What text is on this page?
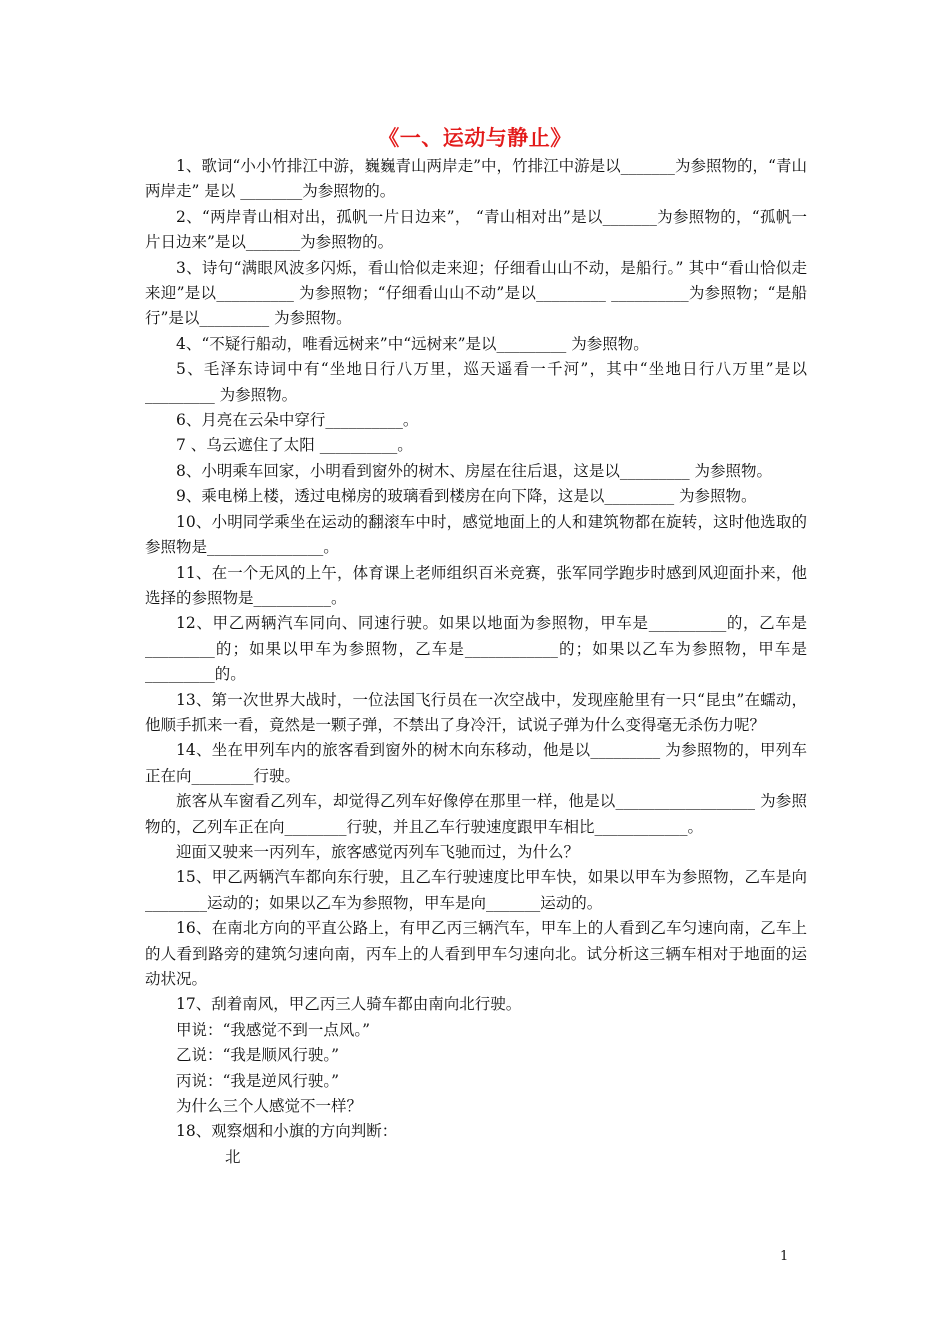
《一、运动与静止》

1、歌词“小小竹排江中游，巍巍青山两岸走”中，竹排江中游是以_______为参照物的，“青山两岸走” 是以 ________为参照物的。

2、“两岸青山相对出，孤帆一片日边来”， “青山相对出”是以_______为参照物的，“孤帆一片日边来”是以_______为参照物的。

3、诗句“满眼风波多闪烁，看山恰似走来迎；仔细看山山不动，是船行。” 其中“看山恰似走来迎”是以__________ 为参照物；“仔细看山山不动”是以_________ __________为参照物；“是船行”是以_________ 为参照物。

4、“不疑行船动，唯看远树来”中“远树来”是以_________ 为参照物。

5、毛泽东诗词中有“坐地日行八万里，巡天遥看一千河”，其中“坐地日行八万里”是以_________ 为参照物。

6、月亮在云朵中穿行__________。

7 、乌云遮住了太阳 __________。

8、小明乘车回家，小明看到窗外的树木、房屋在往后退，这是以_________ 为参照物。

9、乘电梯上楼，透过电梯房的玻璃看到楼房在向下降，这是以_________ 为参照物。

10、小明同学乘坐在运动的翻滚车中时，感觉地面上的人和建筑物都在旋转，这时他选取的参照物是_______________。

11、在一个无风的上午，体育课上老师组织百米竞赛，张军同学跑步时感到风迎面扑来，他选择的参照物是__________。

12、甲乙两辆汽车同向、同速行驶。如果以地面为参照物，甲车是__________的，乙车是_________的；如果以甲车为参照物，乙车是____________的；如果以乙车为参照物，甲车是_________的。

13、第一次世界大战时，一位法国飞行员在一次空战中，发现座舱里有一只“昆虫”在蠕动，他顺手抓来一看，竟然是一颗子弹，不禁出了身冷汗，试说子弹为什么变得毫无杀伤力呢？

14、坐在甲列车内的旅客看到窗外的树木向东移动，他是以_________ 为参照物的，甲列车正在向________行驶。

旅客从车窗看乙列车，却觉得乙列车好像停在那里一样，他是以__________________ 为参照物的，乙列车正在向________行驶，并且乙车行驶速度跟甲车相比____________。

迎面又驶来一丙列车，旅客感觉丙列车飞驰而过，为什么？

15、甲乙两辆汽车都向东行驶，且乙车行驶速度比甲车快，如果以甲车为参照物，乙车是向________运动的；如果以乙车为参照物，甲车是向_______运动的。

16、在南北方向的平直公路上，有甲乙丙三辆汽车，甲车上的人看到乙车匀速向南，乙车上的人看到路旁的建筑匀速向南，丙车上的人看到甲车匀速向北。试分析这三辆车相对于地面的运动状况。

17、刮着南风，甲乙丙三人骑车都由南向北行驶。

甲说：“我感觉不到一点风。”

乙说：“我是顺风行驶。”

丙说：“我是逆风行驶。”

为什么三个人感觉不一样？

18、观察烟和小旗的方向判断：

北

1
